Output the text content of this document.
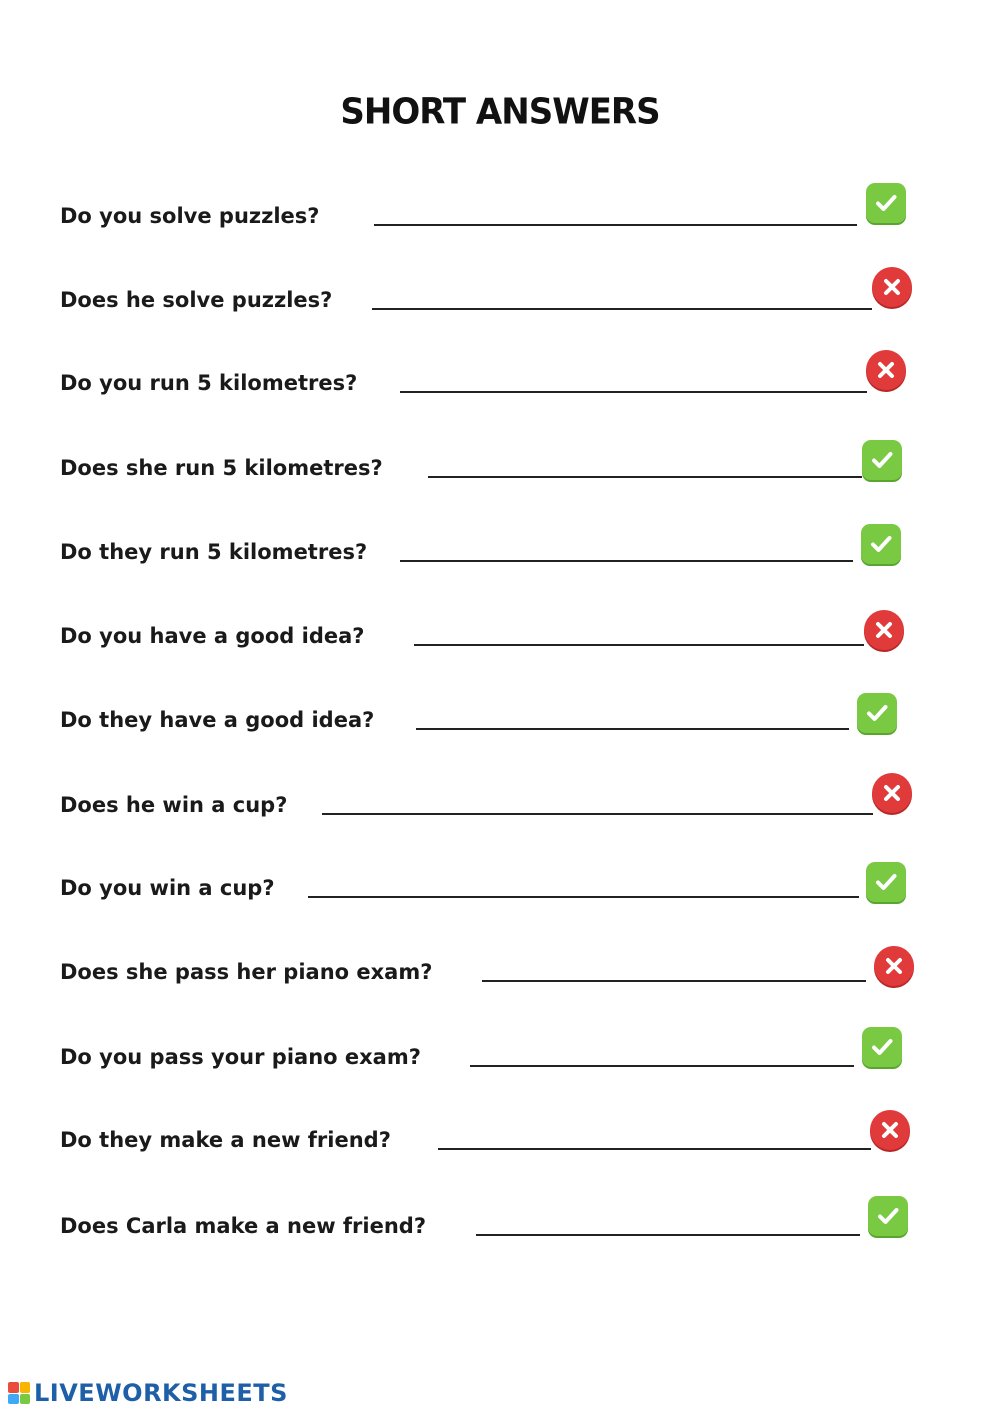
SHORT ANSWERS
Do you solve puzzles?
Does he solve puzzles?
Do you run 5 kilometres?
Does she run 5 kilometres?
Do they run 5 kilometres?
Do you have a good idea?
Do they have a good idea?
Does he win a cup?
Do you win a cup?
Does she pass her piano exam?
Do you pass your piano exam?
Do they make a new friend?
Does Carla make a new friend?
LIVEWORKSHEETS
